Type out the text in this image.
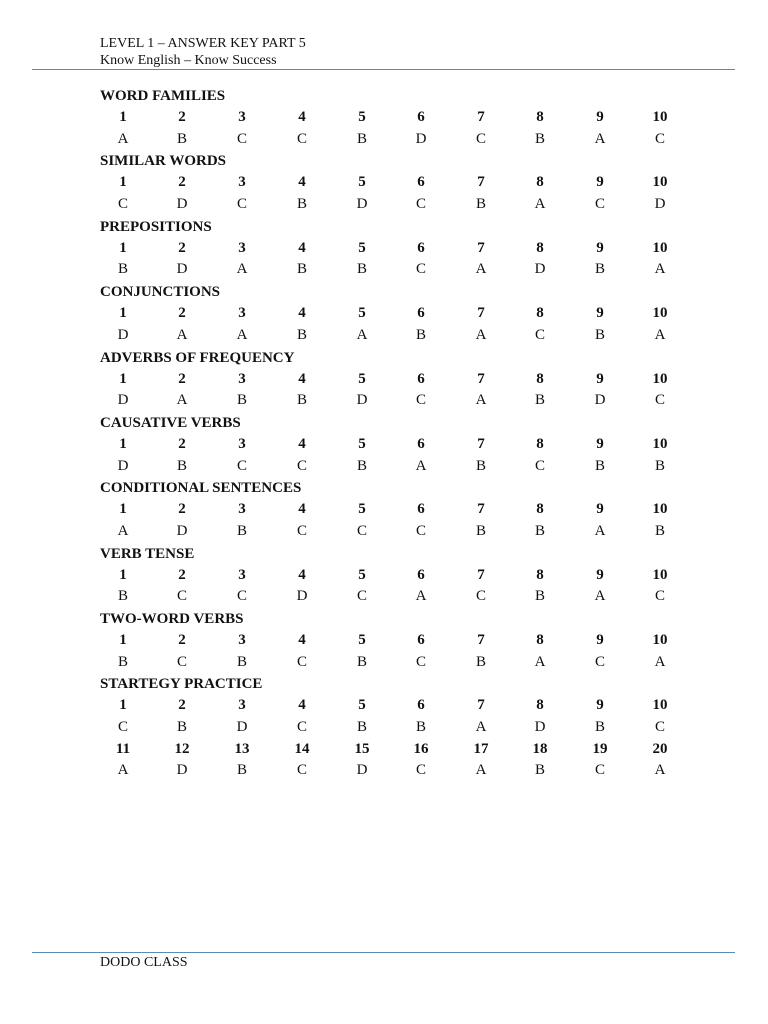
LEVEL 1 – ANSWER KEY PART 5
Know English – Know Success
WORD FAMILIES
1	2	3	4	5	6	7	8	9	10
A	B	C	C	B	D	C	B	A	C
SIMILAR WORDS
1	2	3	4	5	6	7	8	9	10
C	D	C	B	D	C	B	A	C	D
PREPOSITIONS
1	2	3	4	5	6	7	8	9	10
B	D	A	B	B	C	A	D	B	A
CONJUNCTIONS
1	2	3	4	5	6	7	8	9	10
D	A	A	B	A	B	A	C	B	A
ADVERBS OF FREQUENCY
1	2	3	4	5	6	7	8	9	10
D	A	B	B	D	C	A	B	D	C
CAUSATIVE VERBS
1	2	3	4	5	6	7	8	9	10
D	B	C	C	B	A	B	C	B	B
CONDITIONAL SENTENCES
1	2	3	4	5	6	7	8	9	10
A	D	B	C	C	C	B	B	A	B
VERB TENSE
1	2	3	4	5	6	7	8	9	10
B	C	C	D	C	A	C	B	A	C
TWO-WORD VERBS
1	2	3	4	5	6	7	8	9	10
B	C	B	C	B	C	B	A	C	A
STARTEGY PRACTICE
1	2	3	4	5	6	7	8	9	10
C	B	D	C	B	B	A	D	B	C
11	12	13	14	15	16	17	18	19	20
A	D	B	C	D	C	A	B	C	A
DODO CLASS
